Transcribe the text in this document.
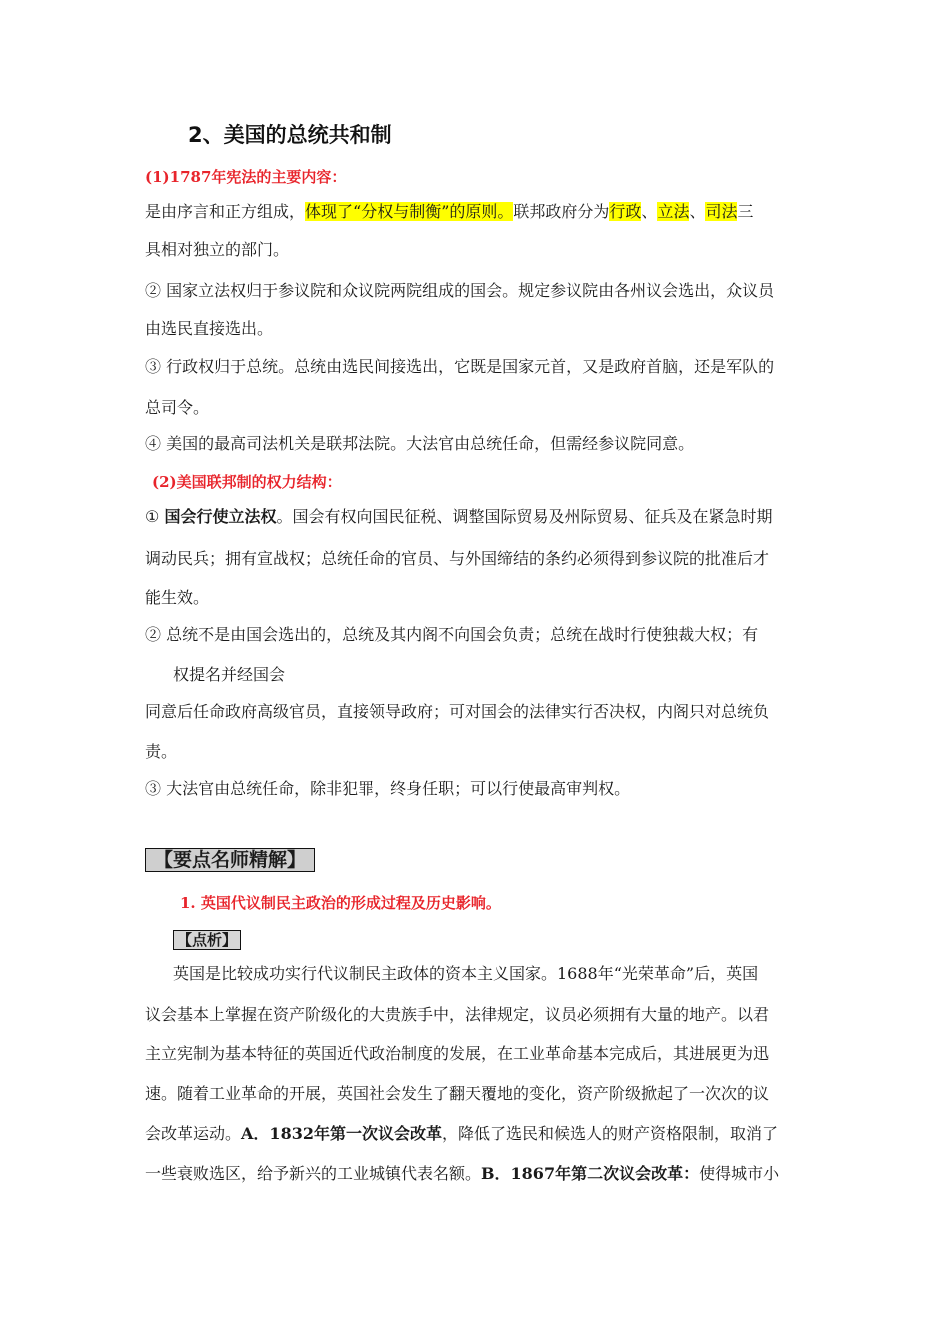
2、美国的总统共和制
(1)1787年宪法的主要内容：
是由序言和正方组成，体现了“分权与制衡”的原则。联邦政府分为行政、立法、司法三
具相对独立的部门。
② 国家立法权归于参议院和众议院两院组成的国会。规定参议院由各州议会选出，众议员
由选民直接选出。
③ 行政权归于总统。总统由选民间接选出，它既是国家元首，又是政府首脑，还是军队的
总司令。
④ 美国的最高司法机关是联邦法院。大法官由总统任命，但需经参议院同意。
(2)美国联邦制的权力结构：
① 国会行使立法权。国会有权向国民征税、调整国际贸易及州际贸易、征兵及在紧急时期
调动民兵；拥有宣战权；总统任命的官员、与外国缔结的条约必须得到参议院的批准后才
能生效。
② 总统不是由国会选出的，总统及其内阁不向国会负责；总统在战时行使独裁大权；有
权提名并经国会
同意后任命政府高级官员，直接领导政府；可对国会的法律实行否决权，内阁只对总统负
责。
③ 大法官由总统任命，除非犯罪，终身任职；可以行使最高审判权。
【要点名师精解】
1. 英国代议制民主政治的形成过程及历史影响。
【点析】
英国是比较成功实行代议制民主政体的资本主义国家。1688年“光荣革命”后，英国
议会基本上掌握在资产阶级化的大贵族手中，法律规定，议员必须拥有大量的地产。以君
主立宪制为基本特征的英国近代政治制度的发展，在工业革命基本完成后，其进展更为迅
速。随着工业革命的开展，英国社会发生了翻天覆地的变化，资产阶级掀起了一次次的议
会改革运动。A．1832年第一次议会改革，降低了选民和候选人的财产资格限制，取消了
一些衰败选区，给予新兴的工业城镇代表名额。B．1867年第二次议会改革：使得城市小
